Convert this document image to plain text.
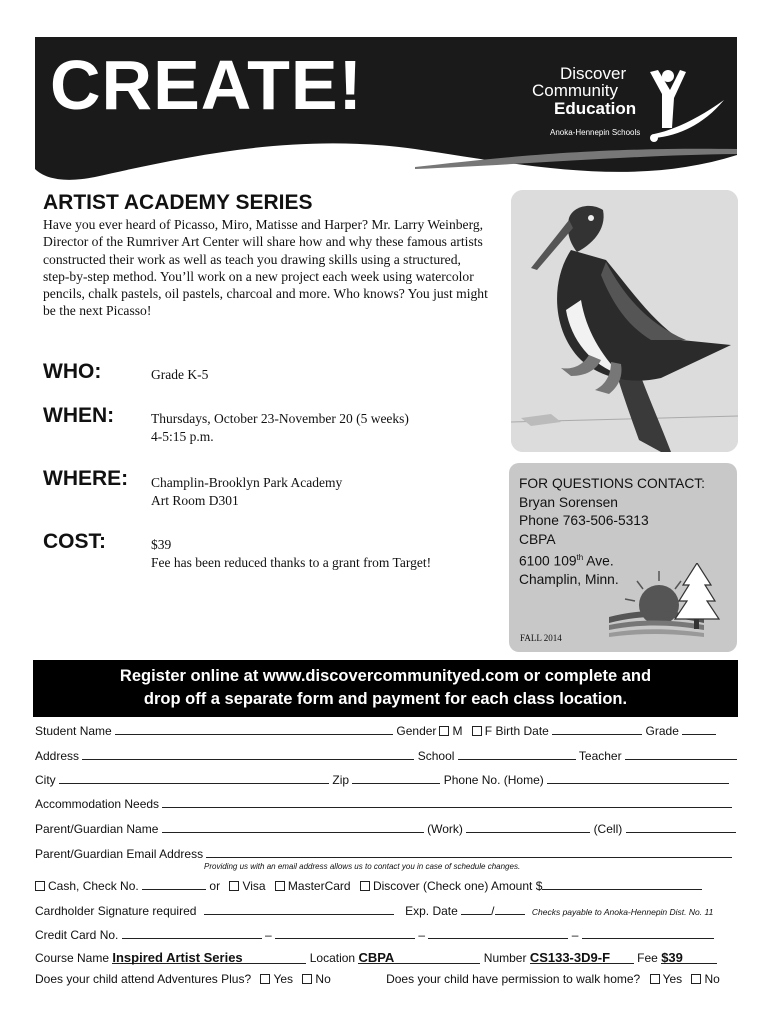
CREATE!	Discover
Community
Education
Anoka-Hennepin Schools
ARTIST ACADEMY SERIES
Have you ever heard of Picasso, Miro, Matisse and Harper? Mr. Larry Weinberg, Director of the Rumriver Art Center will share how and why these famous artists constructed their work as well as teach you drawing skills using a structured, step-by-step method. You’ll work on a new project each week using watercolor pencils, chalk pastels, oil pastels, charcoal and more. Who knows? You just might be the next Picasso!
WHO:	Grade K-5
WHEN:	Thursdays, October 23-November 20 (5 weeks)
4-5:15 p.m.
WHERE: Champlin-Brooklyn Park Academy
Art Room D301
COST:	$39
Fee has been reduced thanks to a grant from Target!
FOR QUESTIONS CONTACT:
Bryan Sorensen
Phone 763-506-5313
CBPA
6100 109th Ave.
Champlin, Minn.
FALL 2014
Register online at www.discovercommunityed.com or complete and
drop off a separate form and payment for each class location.
Student Name	Gender M F Birth Date	Grade
Address	School	Teacher
City	Zip	Phone No. (Home)
Accommodation Needs
Parent/Guardian Name	(Work)	(Cell)
Parent/Guardian Email Address
Providing us with an email address allows us to contact you in case of schedule changes.
Cash, Check No.	or Visa MasterCard Discover (Check one) Amount $
Cardholder Signature required	Exp. Date	/	Checks payable to Anoka-Hennepin Dist. No. 11
Credit Card No.	–	–	–
Course Name Inspired Artist Series	Location CBPA	Number CS133-3D9-F Fee $39
Does your child attend Adventures Plus? Yes No	Does your child have permission to walk home? Yes No
